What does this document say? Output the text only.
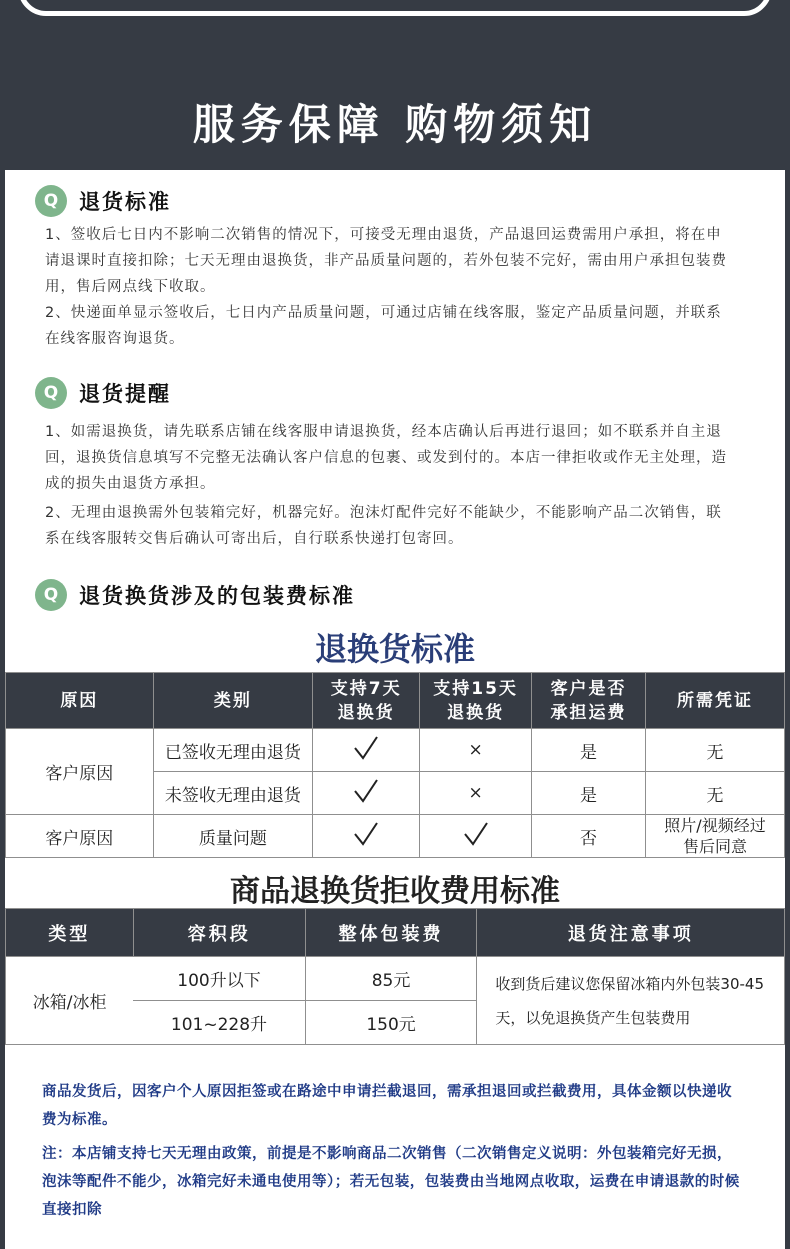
服务保障 购物须知
Q 退货标准

1、签收后七日内不影响二次销售的情况下，可接受无理由退货，产品退回运费需用户承担，将在申请退课时直接扣除；七天无理由退换货，非产品质量问题的，若外包装不完好，需由用户承担包装费用，售后网点线下收取。

2、快递面单显示签收后，七日内产品质量问题，可通过店铺在线客服，鉴定产品质量问题，并联系在线客服咨询退货。

Q 退货提醒

1、如需退换货，请先联系店铺在线客服申请退换货，经本店确认后再进行退回；如不联系并自主退回，退换货信息填写不完整无法确认客户信息的包裹、或发到付的。本店一律拒收或作无主处理，造成的损失由退货方承担。

2、无理由退换需外包装箱完好，机器完好。泡沫灯配件完好不能缺少，不能影响产品二次销售，联系在线客服转交售后确认可寄出后，自行联系快递打包寄回。

Q 退货换货涉及的包装费标准
退换货标准
原因	类别	支持7天退换货	支持15天退换货	客户是否承担运费	所需凭证
客户原因	已签收无理由退货		×	是	无
	未签收无理由退货		×	是	无
客户原因	质量问题			否	照片/视频经过售后同意
商品退换货拒收费用标准
类型	容积段	整体包装费	退货注意事项
冰箱/冰柜	100升以下	85元	收到货后建议您保留冰箱内外包装30-45天，以免退换货产生包装费用
	101~228升	150元	

商品发货后，因客户个人原因拒签或在路途中申请拦截退回，需承担退回或拦截费用，具体金额以快递收费为标准。

注：本店铺支持七天无理由政策，前提是不影响商品二次销售（二次销售定义说明：外包装箱完好无损，泡沫等配件不能少，冰箱完好未通电使用等）；若无包装，包装费由当地网点收取，运费在申请退款的时候直接扣除
